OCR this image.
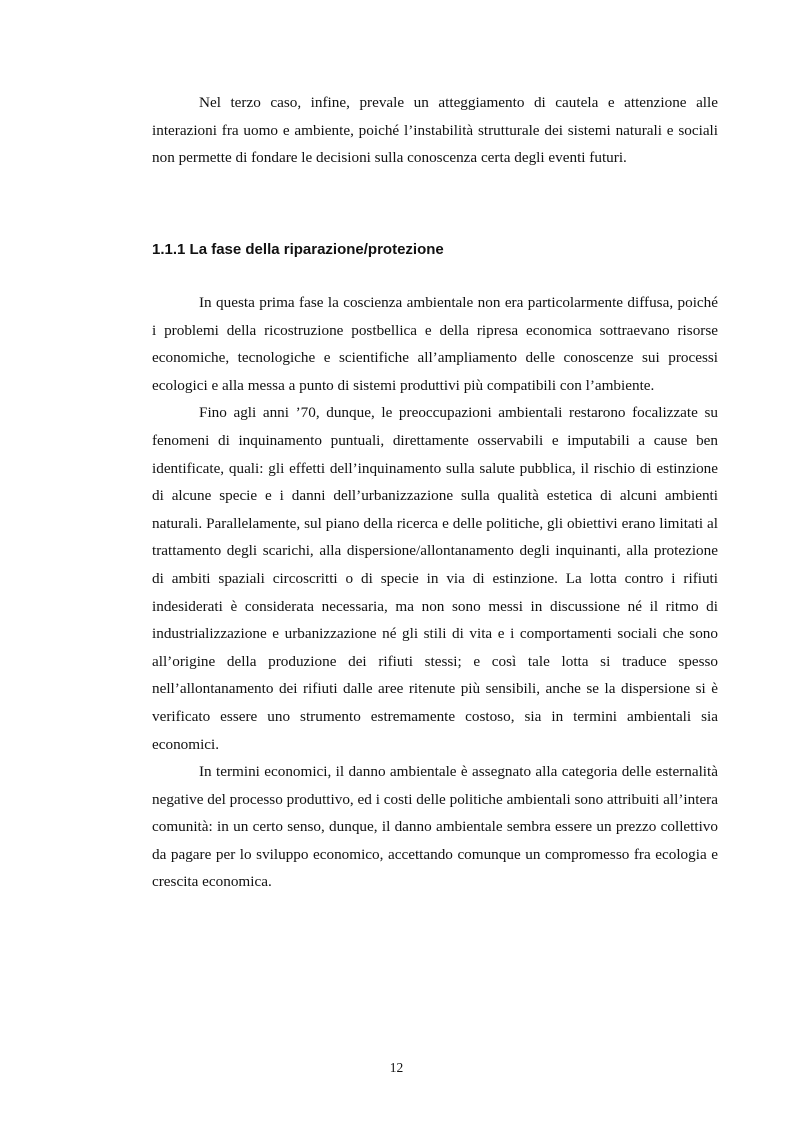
Nel terzo caso, infine, prevale un atteggiamento di cautela e attenzione alle interazioni fra uomo e ambiente, poiché l’instabilità strutturale dei sistemi naturali e sociali non permette di fondare le decisioni sulla conoscenza certa degli eventi futuri.

1.1.1 La fase della riparazione/protezione

In questa prima fase la coscienza ambientale non era particolarmente diffusa, poiché i problemi della ricostruzione postbellica e della ripresa economica sottraevano risorse economiche, tecnologiche e scientifiche all’ampliamento delle conoscenze sui processi ecologici e alla messa a punto di sistemi produttivi più compatibili con l’ambiente.

Fino agli anni ’70, dunque, le preoccupazioni ambientali restarono focalizzate su fenomeni di inquinamento puntuali, direttamente osservabili e imputabili a cause ben identificate, quali: gli effetti dell’inquinamento sulla salute pubblica, il rischio di estinzione di alcune specie e i danni dell’urbanizzazione sulla qualità estetica di alcuni ambienti naturali. Parallelamente, sul piano della ricerca e delle politiche, gli obiettivi erano limitati al trattamento degli scarichi, alla dispersione/allontanamento degli inquinanti, alla protezione di ambiti spaziali circoscritti o di specie in via di estinzione. La lotta contro i rifiuti indesiderati è considerata necessaria, ma non sono messi in discussione né il ritmo di industrializzazione e urbanizzazione né gli stili di vita e i comportamenti sociali che sono all’origine della produzione dei rifiuti stessi; e così tale lotta si traduce spesso nell’allontanamento dei rifiuti dalle aree ritenute più sensibili, anche se la dispersione si è verificato essere uno strumento estremamente costoso, sia in termini ambientali sia economici.

In termini economici, il danno ambientale è assegnato alla categoria delle esternalità negative del processo produttivo, ed i costi delle politiche ambientali sono attribuiti all’intera comunità: in un certo senso, dunque, il danno ambientale sembra essere un prezzo collettivo da pagare per lo sviluppo economico, accettando comunque un compromesso fra ecologia e crescita economica.

12
